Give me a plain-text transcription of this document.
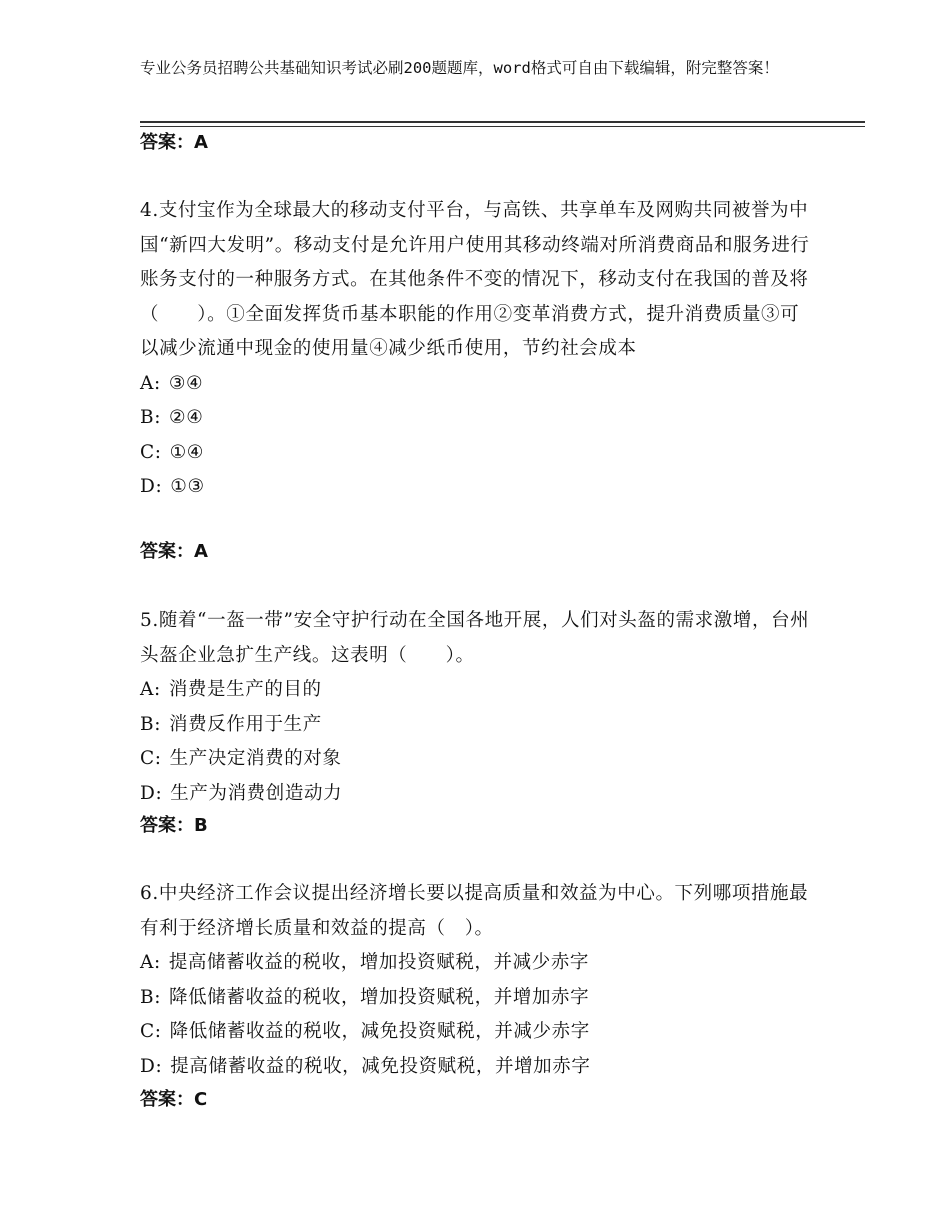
专业公务员招聘公共基础知识考试必刷200题题库，word格式可自由下载编辑，附完整答案！
答案：A

4.支付宝作为全球最大的移动支付平台，与高铁、共享单车及网购共同被誉为中国“新四大发明”。移动支付是允许用户使用其移动终端对所消费商品和服务进行账务支付的一种服务方式。在其他条件不变的情况下，移动支付在我国的普及将（　　）。①全面发挥货币基本职能的作用②变革消费方式，提升消费质量③可以减少流通中现金的使用量④减少纸币使用，节约社会成本

A: ③④
B: ②④
C: ①④
D: ①③
答案：A

5.随着“一盔一带”安全守护行动在全国各地开展，人们对头盔的需求激增，台州头盔企业急扩生产线。这表明（　　）。

A: 消费是生产的目的
B: 消费反作用于生产
C: 生产决定消费的对象
D: 生产为消费创造动力
答案：B

6.中央经济工作会议提出经济增长要以提高质量和效益为中心。下列哪项措施最有利于经济增长质量和效益的提高（　）。

A: 提高储蓄收益的税收，增加投资赋税，并减少赤字
B: 降低储蓄收益的税收，增加投资赋税，并增加赤字
C: 降低储蓄收益的税收，减免投资赋税，并减少赤字
D: 提高储蓄收益的税收，减免投资赋税，并增加赤字
答案：C
